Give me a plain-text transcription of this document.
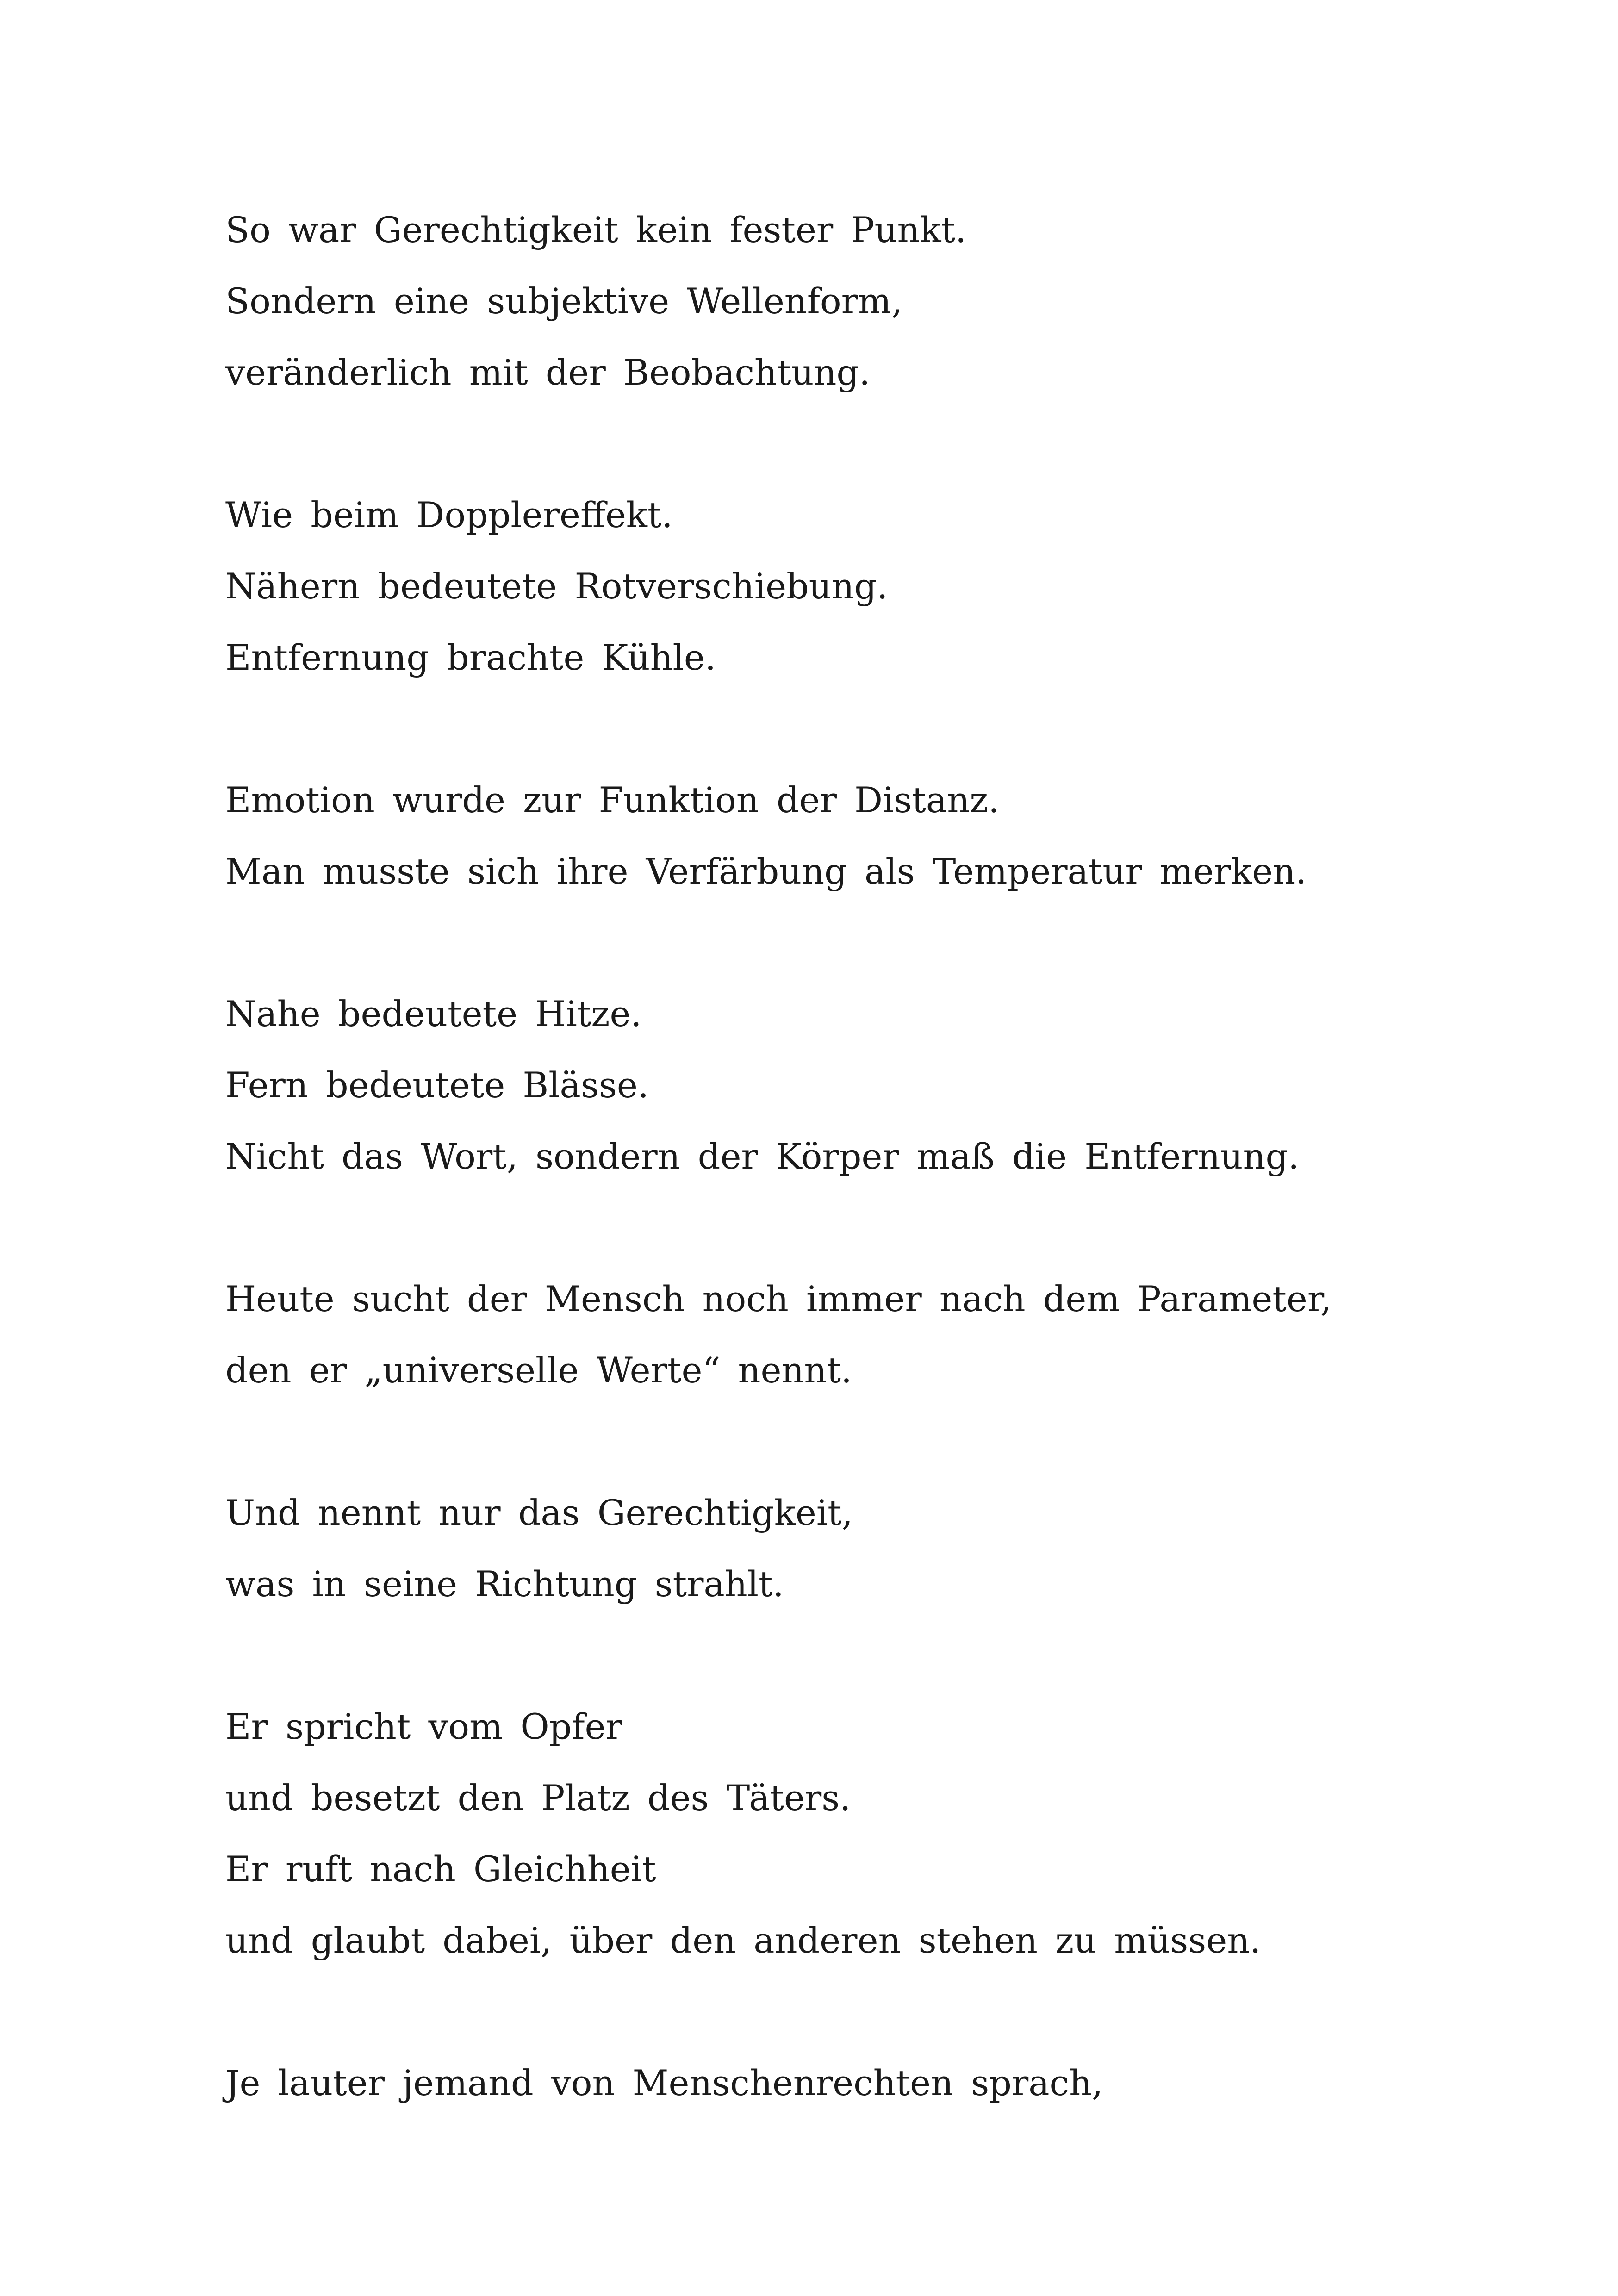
So war Gerechtigkeit kein fester Punkt.
Sondern eine subjektive Wellenform,
veränderlich mit der Beobachtung.
Wie beim Dopplereffekt.
Nähern bedeutete Rotverschiebung.
Entfernung brachte Kühle.
Emotion wurde zur Funktion der Distanz.
Man musste sich ihre Verfärbung als Temperatur merken.
Nahe bedeutete Hitze.
Fern bedeutete Blässe.
Nicht das Wort, sondern der Körper maß die Entfernung.
Heute sucht der Mensch noch immer nach dem Parameter,
den er „universelle Werte“ nennt.
Und nennt nur das Gerechtigkeit,
was in seine Richtung strahlt.
Er spricht vom Opfer
und besetzt den Platz des Täters.
Er ruft nach Gleichheit
und glaubt dabei, über den anderen stehen zu müssen.
Je lauter jemand von Menschenrechten sprach,
